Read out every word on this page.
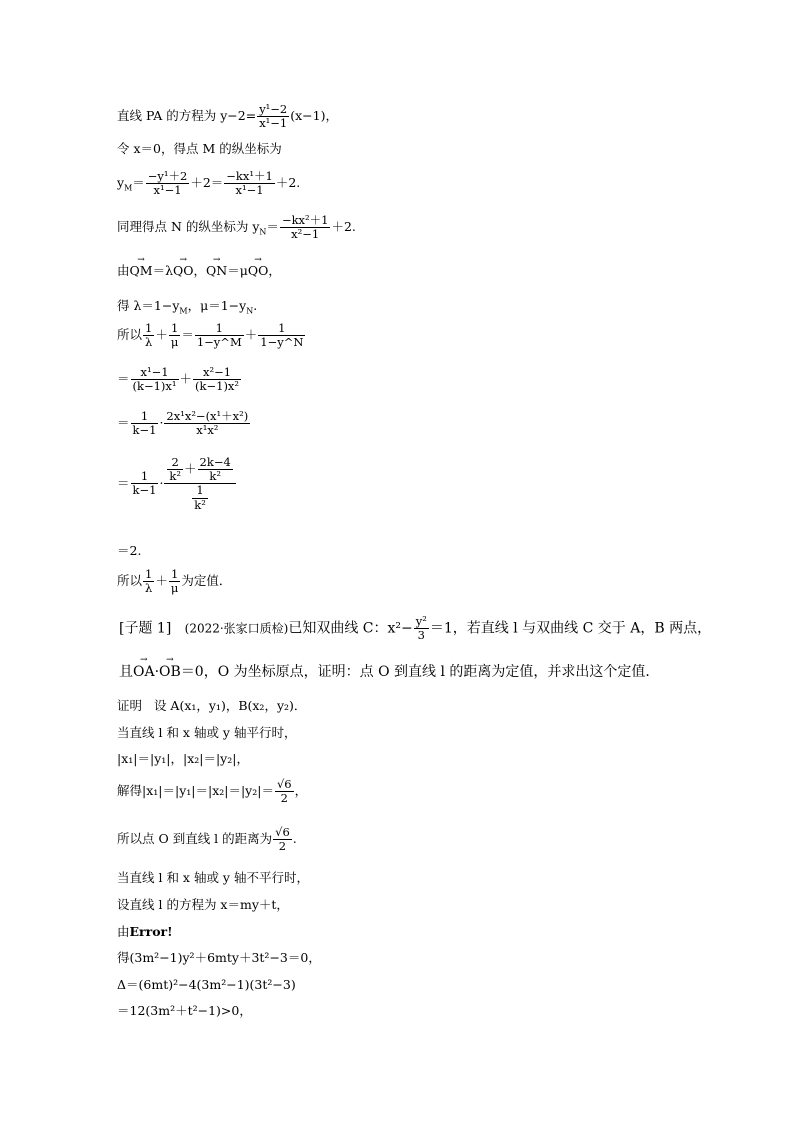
直线 PA 的方程为 $y-2= \frac{\text{y¹−2}}{\text{x¹−1}} (x-1)$，
令 x＝0，得点 M 的纵坐标为
$y_M= \frac{\text{−y¹＋2}}{\text{x¹−1}} +2= \frac{\text{−kx¹＋1}}{\text{x¹−1}} +2$.
同理得点 N 的纵坐标为 $y_N= \frac{\text{−kx²＋1}}{\text{x²−1}} +2$.
由→ QM＝λ→ QO，→ QN＝μ→ QO，
得 $\lambda=1-y_M$，$\mu=1-y_N$.
所以 $\frac{1}{\lambda} + \frac{1}{\mu} = \frac{1}{1-y\^{}M} + \frac{1}{1-y\^{}N}$
＝ $\frac{\text{x¹−1}}{\text{(k−1)x¹}} + \frac{\text{x²−1}}{\text{(k−1)x²}}$
＝ $\frac{1}{k-1} \cdot \frac{\text{2x¹x²−(x¹＋x²)}}{\text{x¹x²}}$
＝ $\frac{1}{k-1} \cdot \frac{\frac{2}{\text{k²}} + \frac{2k-4}{\text{k²}}}{\frac{1}{\text{k²}}}$
＝2.
所以 $\frac{1}{\lambda} + \frac{1}{\mu}$ 为定值．
[子题 1] (2022·张家口质检)已知双曲线 C：$x^2- \frac{\text{y²}}{3} =1$，若直线 l 与双曲线 C 交于 A，B 两点，
且→ OA·→ OB＝0，O 为坐标原点，证明：点 O 到直线 l 的距离为定值，并求出这个定值．
证明 设 A(x₁，y₁)，B(x₂，y₂)．
当直线 l 和 x 轴或 y 轴平行时，
|x₁|＝|y₁|，|x₂|＝|y₂|，
解得$|x_1|=|y_1|=|x_2|=|y_2|= \frac{√6}{2}$ ，
所以点 O 到直线 l 的距离为 $\frac{√6}{2}$ .
当直线 l 和 x 轴或 y 轴不平行时，
设直线 l 的方程为 x＝my＋t，
由Error!
得(3m²−1)y²＋6mty＋3t²−3＝0，
Δ＝(6mt)²−4(3m²−1)(3t²−3)
＝12(3m²＋t²−1)>0，
